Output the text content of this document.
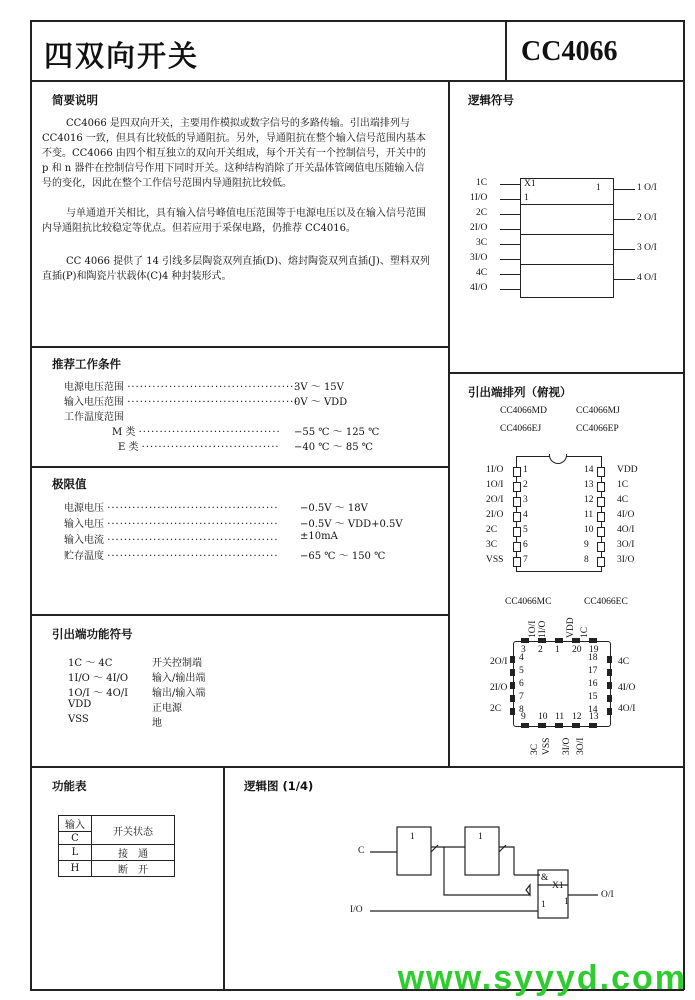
四双向开关	CC4066
简要说明
CC4066 是四双向开关，主要用作模拟或数字信号的多路传输。引出端排列与 CC4016 一致，但具有比较低的导通阻抗。另外，导通阻抗在整个输入信号范围内基本不变。CC4066 由四个相互独立的双向开关组成，每个开关有一个控制信号，开关中的 p 和 n 器件在控制信号作用下同时开关。这种结构消除了开关晶体管阈值电压随输入信号的变化，因此在整个工作信号范围内导通阻抗比较低。
与单通道开关相比，具有输入信号峰值电压范围等于电源电压以及在输入信号范围内导通阻抗比较稳定等优点。但若应用于采保电路，仍推荐 CC4016。
CC 4066 提供了 14 引线多层陶瓷双列直插(D)、熔封陶瓷双列直插(J)、塑料双列直插(P)和陶瓷片状载体(C)4 种封装形式。
推荐工作条件
电源电压范围 ·········································
3V ～ 15V
输入电压范围 ·········································
0V ～ VDD
工作温度范围
M 类 ·································· −55 ℃ ～ 125 ℃
E 类 ································· −40 ℃ ～ 85 ℃
极限值
电源电压 ········································· −0.5V ～ 18V
输入电压 ········································· −0.5V ～ VDD+0.5V
输入电流 ········································· ±10mA
贮存温度 ········································· −65 ℃ ～ 150 ℃
引出端功能符号
1C ～ 4C	开关控制端
1I/O ～ 4I/O 输入/输出端
1O/I ～ 4O/I 输出/输入端
VDD	正电源
VSS	地
逻辑符号
X1
1
1
1C
1I/O
2C
2I/O
3C
3I/O
4C
4I/O
1 O/I
2 O/I
3 O/I
4 O/I
引出端排列（俯视）
CC4066MD	CC4066MJ
CC4066EJ	CC4066EP
1I/O 1	14 VDD
1O/I 2	13 1C
2O/I 3	12 4C
2I/O 4	11	4I/O
2C	5	10 4O/I
3C	6	9	3O/I
VSS 7	8	3I/O
CC4066MC	CC4066EC
3
9
4	18
2
10
5	17
1
11
6	16
20
12
7	15
19
13
8	14
2O/I
2I/O
2C
4C
4I/O
4O/I
1O/I 1I/O VDD 1C
3C VSS 3I/O 3O/I
功能表
输入	开关状态
C	
L	接　通
H	断　开
逻辑图 (1/4)
C
I/O
O/I
1	1
&
X1
1 1
www.syyyd.com
